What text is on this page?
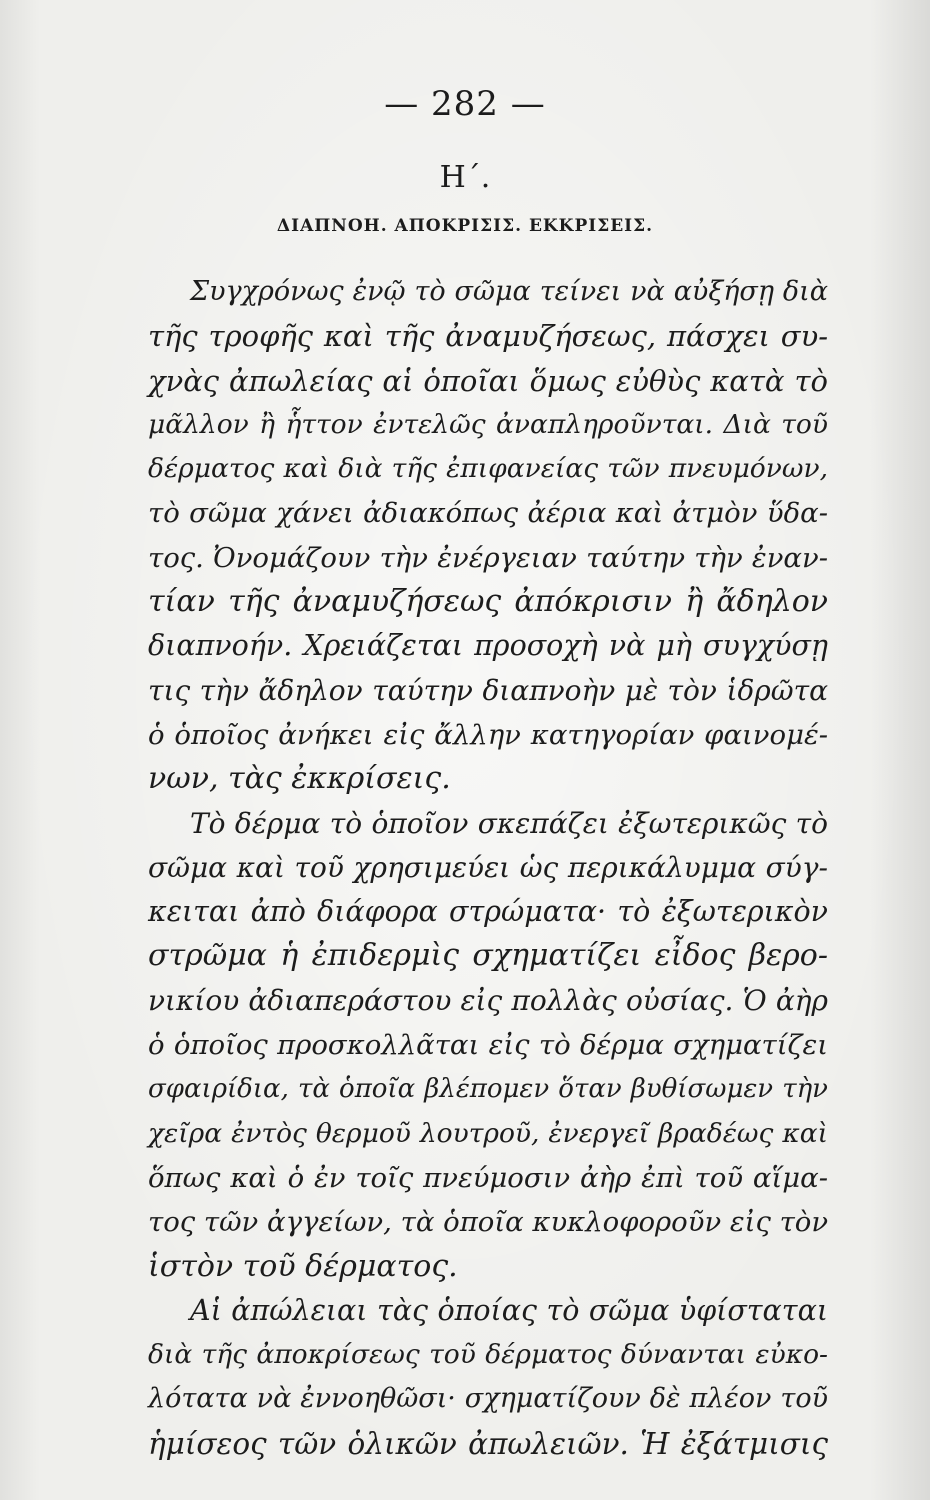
— 282 —
Η΄.
ΔΙΑΠΝΟΗ. ΑΠΟΚΡΙΣΙΣ. ΕΚΚΡΙΣΕΙΣ.
Συγχρόνως ἐνῷ τὸ σῶμα τείνει νὰ αὐξήσῃ διὰ
τῆς τροφῆς καὶ τῆς ἀναμυζήσεως, πάσχει συ-
χνὰς ἀπωλείας αἱ ὁποῖαι ὅμως εὐθὺς κατὰ τὸ
μᾶλλον ἢ ἧττον ἐντελῶς ἀναπληροῦνται. Διὰ τοῦ
δέρματος καὶ διὰ τῆς ἐπιφανείας τῶν πνευμόνων,
τὸ σῶμα χάνει ἀδιακόπως ἀέρια καὶ ἀτμὸν ὕδα-
τος. Ὀνομάζουν τὴν ἐνέργειαν ταύτην τὴν ἐναν-
τίαν τῆς ἀναμυζήσεως ἀπόκρισιν ἢ ἄδηλον
διαπνοήν. Χρειάζεται προσοχὴ νὰ μὴ συγχύσῃ
τις τὴν ἄδηλον ταύτην διαπνοὴν μὲ τὸν ἱδρῶτα
ὁ ὁποῖος ἀνήκει εἰς ἄλλην κατηγορίαν φαινομέ-
νων, τὰς ἐκκρίσεις.
Τὸ δέρμα τὸ ὁποῖον σκεπάζει ἐξωτερικῶς τὸ
σῶμα καὶ τοῦ χρησιμεύει ὡς περικάλυμμα σύγ-
κειται ἀπὸ διάφορα στρώματα· τὸ ἐξωτερικὸν
στρῶμα ἡ ἐπιδερμὶς σχηματίζει εἶδος βερο-
νικίου ἀδιαπεράστου εἰς πολλὰς οὐσίας. Ὁ ἀὴρ
ὁ ὁποῖος προσκολλᾶται εἰς τὸ δέρμα σχηματίζει
σφαιρίδια, τὰ ὁποῖα βλέπομεν ὅταν βυθίσωμεν τὴν
χεῖρα ἐντὸς θερμοῦ λουτροῦ, ἐνεργεῖ βραδέως καὶ
ὅπως καὶ ὁ ἐν τοῖς πνεύμοσιν ἀὴρ ἐπὶ τοῦ αἵμα-
τος τῶν ἀγγείων, τὰ ὁποῖα κυκλοφοροῦν εἰς τὸν
ἱστὸν τοῦ δέρματος.
Αἱ ἀπώλειαι τὰς ὁποίας τὸ σῶμα ὑφίσταται
διὰ τῆς ἀποκρίσεως τοῦ δέρματος δύνανται εὐκο-
λότατα νὰ ἐννοηθῶσι· σχηματίζουν δὲ πλέον τοῦ
ἡμίσεος τῶν ὁλικῶν ἀπωλειῶν. Ἡ ἐξάτμισις
